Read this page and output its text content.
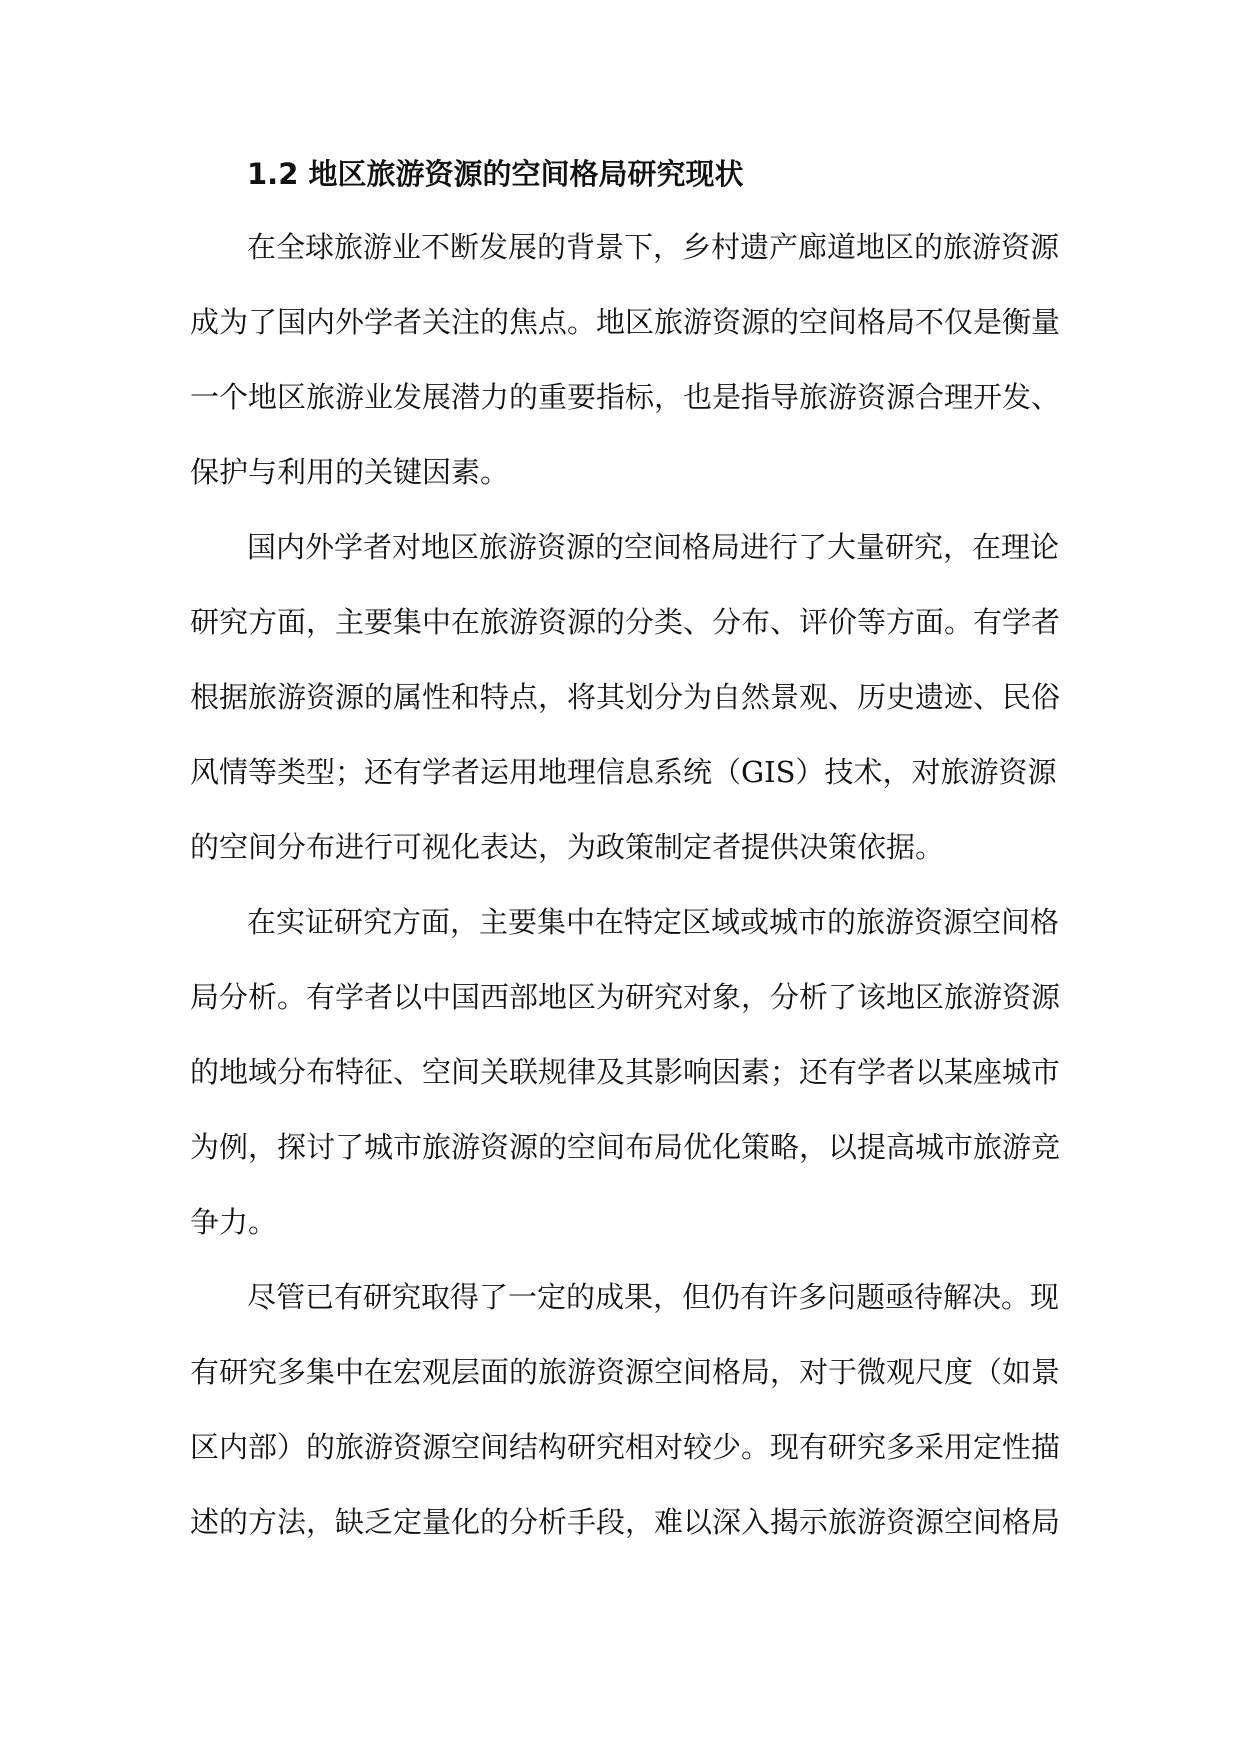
1.2 地区旅游资源的空间格局研究现状
在全球旅游业不断发展的背景下，乡村遗产廊道地区的旅游资源
成为了国内外学者关注的焦点。地区旅游资源的空间格局不仅是衡量
一个地区旅游业发展潜力的重要指标，也是指导旅游资源合理开发、
保护与利用的关键因素。
国内外学者对地区旅游资源的空间格局进行了大量研究，在理论
研究方面，主要集中在旅游资源的分类、分布、评价等方面。有学者
根据旅游资源的属性和特点，将其划分为自然景观、历史遗迹、民俗
风情等类型；还有学者运用地理信息系统（GIS）技术，对旅游资源
的空间分布进行可视化表达，为政策制定者提供决策依据。
在实证研究方面，主要集中在特定区域或城市的旅游资源空间格
局分析。有学者以中国西部地区为研究对象，分析了该地区旅游资源
的地域分布特征、空间关联规律及其影响因素；还有学者以某座城市
为例，探讨了城市旅游资源的空间布局优化策略，以提高城市旅游竞
争力。
尽管已有研究取得了一定的成果，但仍有许多问题亟待解决。现
有研究多集中在宏观层面的旅游资源空间格局，对于微观尺度（如景
区内部）的旅游资源空间结构研究相对较少。现有研究多采用定性描
述的方法，缺乏定量化的分析手段，难以深入揭示旅游资源空间格局
